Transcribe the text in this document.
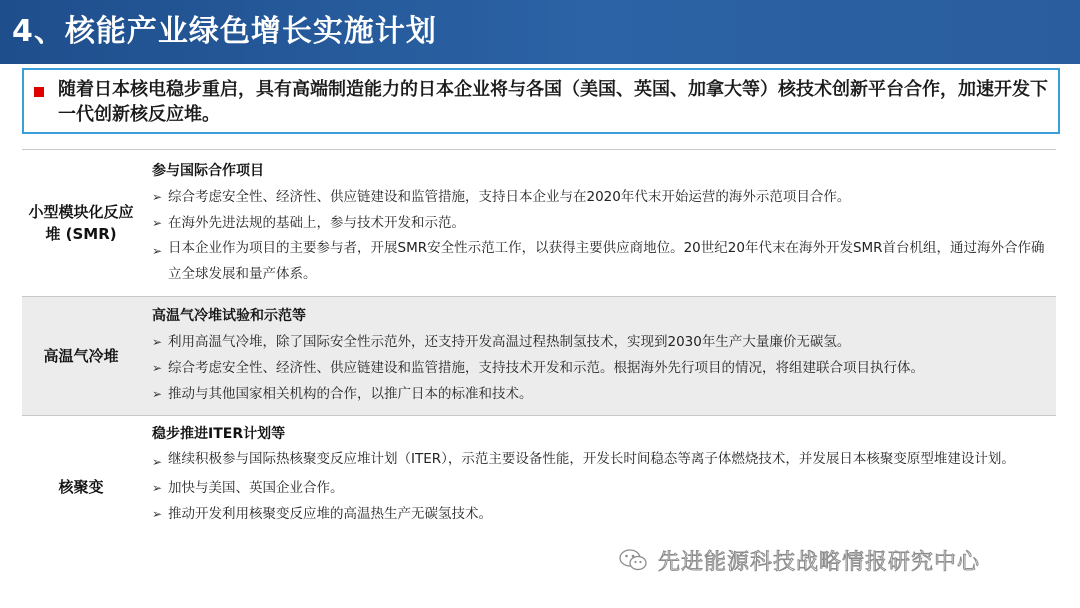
4、核能产业绿色增长实施计划
随着日本核电稳步重启，具有高端制造能力的日本企业将与各国（美国、英国、加拿大等）核技术创新平台合作，加速开发下一代创新核反应堆。
小型模块化反应堆 (SMR)
参与国际合作项目
➢ 综合考虑安全性、经济性、供应链建设和监管措施，支持日本企业与在2020年代末开始运营的海外示范项目合作。
➢ 在海外先进法规的基础上，参与技术开发和示范。
➢ 日本企业作为项目的主要参与者，开展SMR安全性示范工作，以获得主要供应商地位。20世纪20年代末在海外开发SMR首台机组，通过海外合作确立全球发展和量产体系。
高温气冷堆
高温气冷堆试验和示范等
➢ 利用高温气冷堆，除了国际安全性示范外，还支持开发高温过程热制氢技术，实现到2030年生产大量廉价无碳氢。
➢ 综合考虑安全性、经济性、供应链建设和监管措施，支持技术开发和示范。根据海外先行项目的情况，将组建联合项目执行体。
➢ 推动与其他国家相关机构的合作，以推广日本的标准和技术。
核聚变
稳步推进ITER计划等
➢ 继续积极参与国际热核聚变反应堆计划（ITER），示范主要设备性能，开发长时间稳态等离子体燃烧技术，并发展日本核聚变原型堆建设计划。
➢ 加快与美国、英国企业合作。
➢ 推动开发利用核聚变反应堆的高温热生产无碳氢技术。
先进能源科技战略情报研究中心
